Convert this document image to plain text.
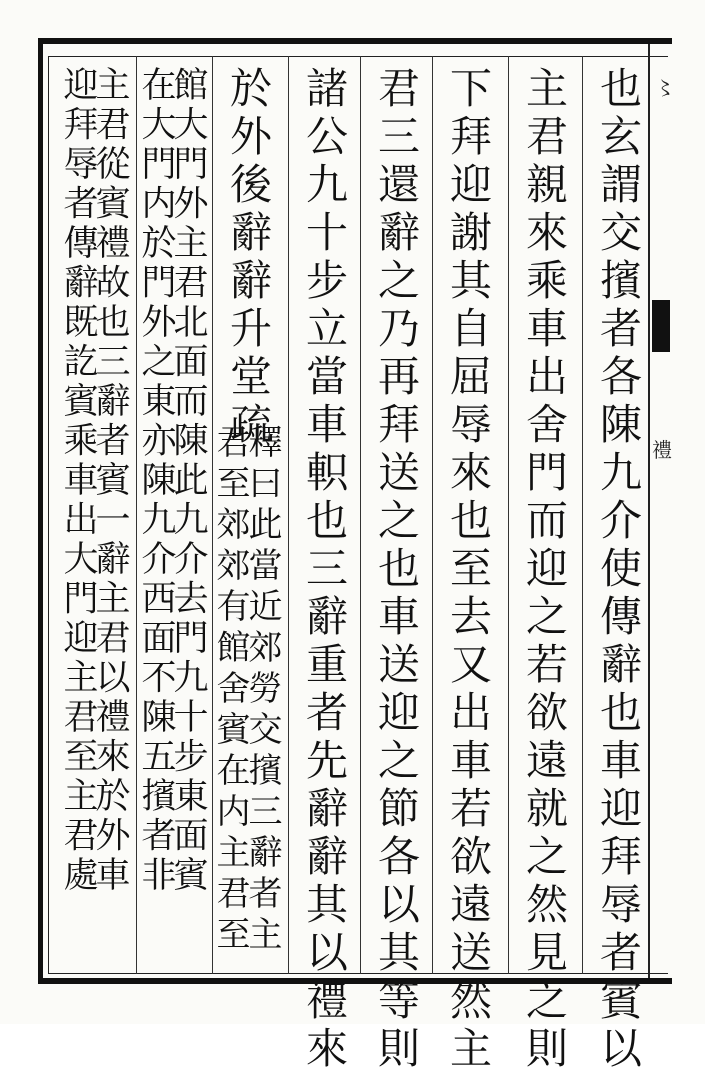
〻
禮
也玄謂交擯者各陳九介使傳辭也車迎拜辱者賓以
主君親來乘車出舍門而迎之若欲遠就之然見之則
下拜迎謝其自屈辱來也至去又出車若欲遠送然主
君三還辭之乃再拜送之也車送迎之節各以其等則
諸公九十步立當車軹也三辭重者先辭辭其以禮來
於外後辭辭升堂疏
釋曰此當近郊勞交擯三辭者主
君至郊郊有館舍賓在内主君至
館大門外主君北面而陳此九介去門九十步東面賓
在大門内於門外之東亦陳九介西面不陳五擯者非
主君從賓禮故也三辭者賓一辭主君以禮來於外車
迎拜辱者傳辭既訖賓乘車出大門迎主君至主君處
